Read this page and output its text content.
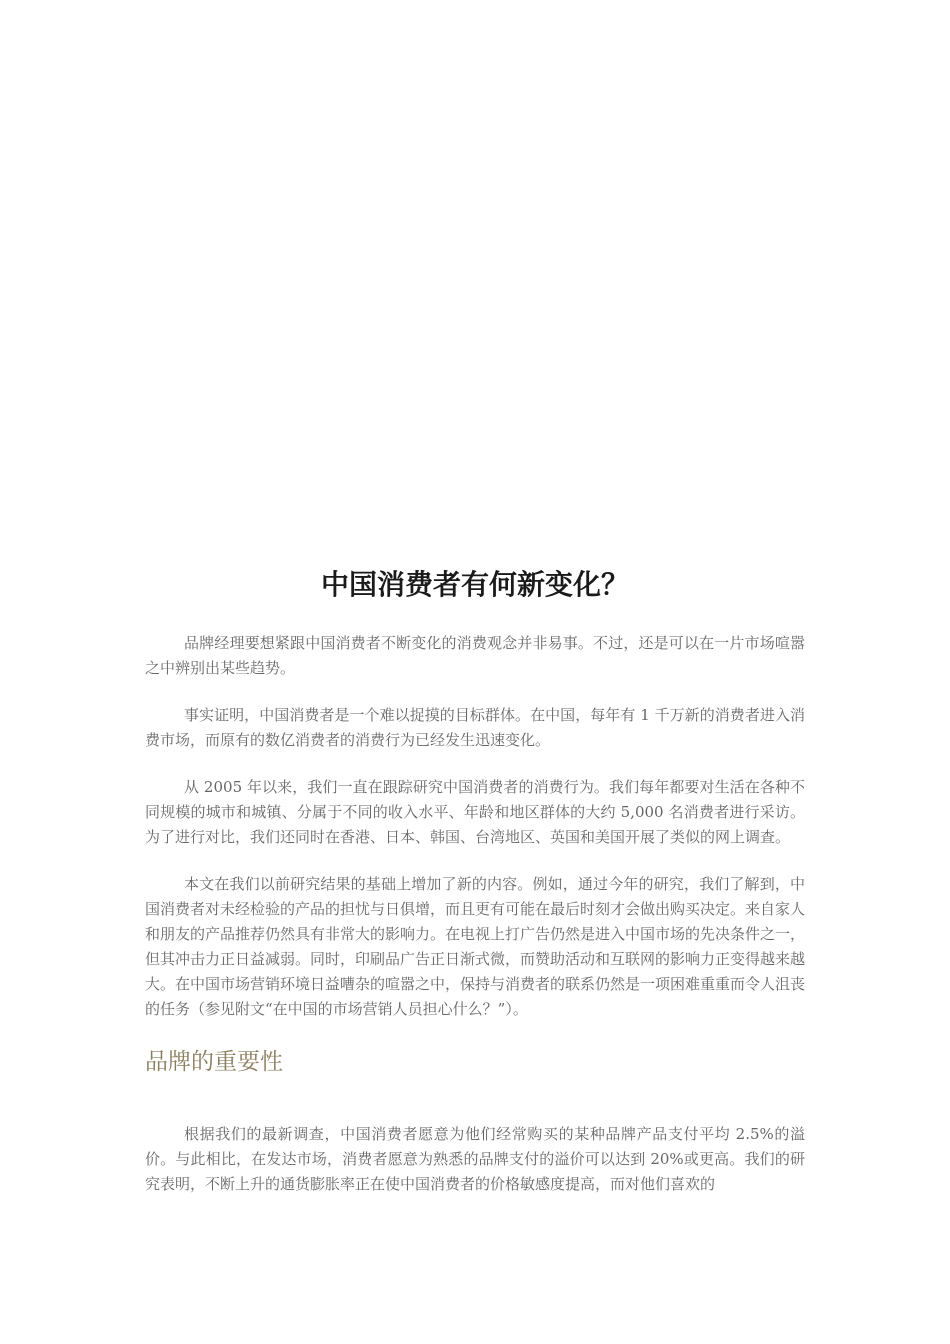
中国消费者有何新变化？

品牌经理要想紧跟中国消费者不断变化的消费观念并非易事。不过，还是可以在一片市场喧嚣之中辨别出某些趋势。

事实证明，中国消费者是一个难以捉摸的目标群体。在中国，每年有 1 千万新的消费者进入消费市场，而原有的数亿消费者的消费行为已经发生迅速变化。

从 2005 年以来，我们一直在跟踪研究中国消费者的消费行为。我们每年都要对生活在各种不同规模的城市和城镇、分属于不同的收入水平、年龄和地区群体的大约 5,000 名消费者进行采访。为了进行对比，我们还同时在香港、日本、韩国、台湾地区、英国和美国开展了类似的网上调查。

本文在我们以前研究结果的基础上增加了新的内容。例如，通过今年的研究，我们了解到，中国消费者对未经检验的产品的担忧与日俱增，而且更有可能在最后时刻才会做出购买决定。来自家人和朋友的产品推荐仍然具有非常大的影响力。在电视上打广告仍然是进入中国市场的先决条件之一，但其冲击力正日益减弱。同时，印刷品广告正日渐式微，而赞助活动和互联网的影响力正变得越来越大。在中国市场营销环境日益嘈杂的喧嚣之中，保持与消费者的联系仍然是一项困难重重而令人沮丧的任务（参见附文“在中国的市场营销人员担心什么？”）。

品牌的重要性

根据我们的最新调查，中国消费者愿意为他们经常购买的某种品牌产品支付平均 2.5%的溢价。与此相比，在发达市场，消费者愿意为熟悉的品牌支付的溢价可以达到 20%或更高。我们的研究表明，不断上升的通货膨胀率正在使中国消费者的价格敏感度提高，而对他们喜欢的
